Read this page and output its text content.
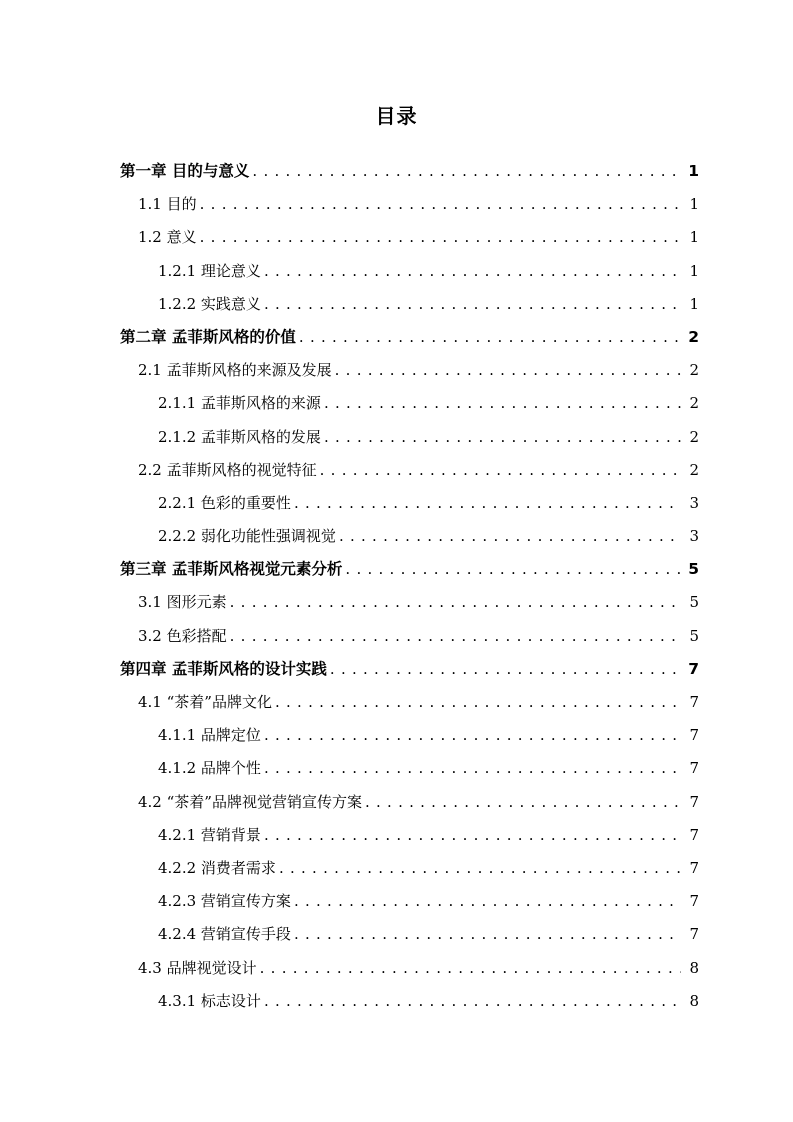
目录
第一章 目的与意义 . . .	1
1.1 目的 . . .	1
1.2 意义 . . .	1
1.2.1 理论意义 . . .	1
1.2.2 实践意义 . . .	1
第二章 孟菲斯风格的价值 . . .	2
2.1 孟菲斯风格的来源及发展 . . .	2
2.1.1 孟菲斯风格的来源 . . .	2
2.1.2 孟菲斯风格的发展 . . .	2
2.2 孟菲斯风格的视觉特征 . . .	2
2.2.1 色彩的重要性 . . .	3
2.2.2 弱化功能性强调视觉 . . .	3
第三章 孟菲斯风格视觉元素分析 . . .	5
3.1 图形元素 . . .	5
3.2 色彩搭配 . . .	5
第四章 孟菲斯风格的设计实践 . . .	7
4.1 “茶着”品牌文化 . . .	7
4.1.1 品牌定位 . . .	7
4.1.2 品牌个性 . . .	7
4.2 “茶着”品牌视觉营销宣传方案 . . .	7
4.2.1 营销背景 . . .	7
4.2.2 消费者需求 . . .	7
4.2.3 营销宣传方案 . . .	7
4.2.4 营销宣传手段 . . .	7
4.3 品牌视觉设计 . . .	8
4.3.1 标志设计 . . .	8
